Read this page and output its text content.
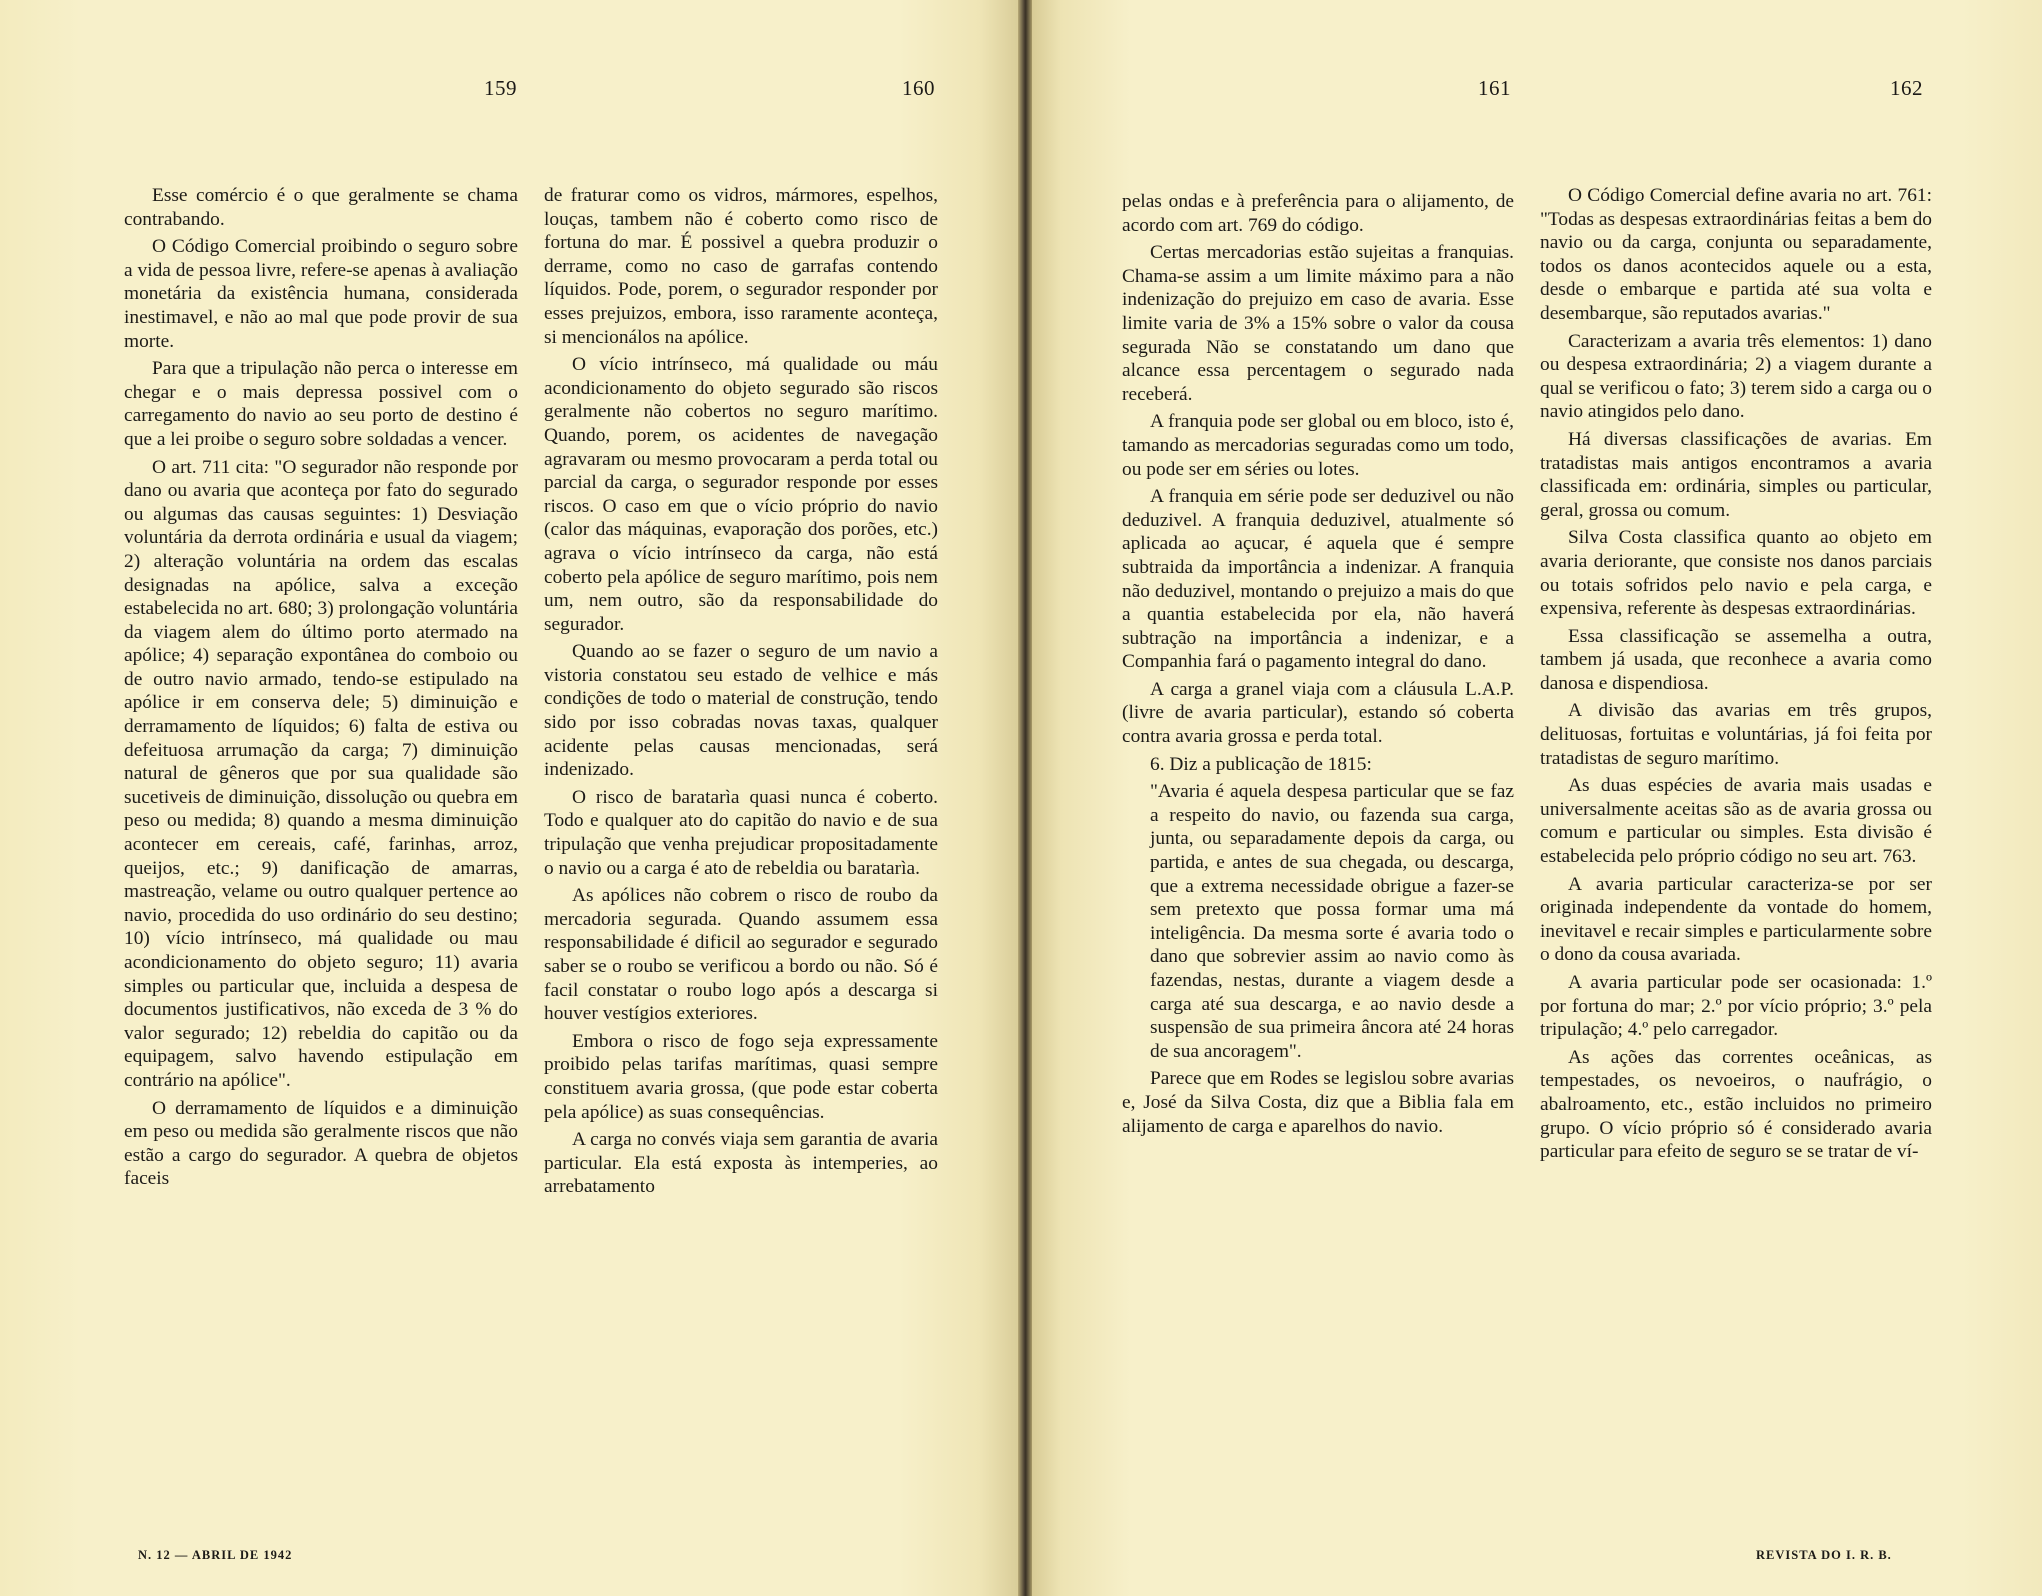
159	160	161	162

Esse comércio é o que geralmente se chama contrabando.

O Código Comercial proibindo o seguro sobre a vida de pessoa livre, refere-se apenas à avaliação monetária da existência humana, considerada inestimavel, e não ao mal que pode provir de sua morte.

Para que a tripulação não perca o interesse em chegar e o mais depressa possivel com o carregamento do navio ao seu porto de destino é que a lei proibe o seguro sobre soldadas a vencer.

O art. 711 cita: "O segurador não responde por dano ou avaria que aconteça por fato do segurado ou algumas das causas seguintes: 1) Desviação voluntária da derrota ordinária e usual da viagem; 2) alteração voluntária na ordem das escalas designadas na apólice, salva a exceção estabelecida no art. 680; 3) prolongação voluntária da viagem alem do último porto atermado na apólice; 4) separação expontânea do comboio ou de outro navio armado, tendo-se estipulado na apólice ir em conserva dele; 5) diminuição e derramamento de líquidos; 6) falta de estiva ou defeituosa arrumação da carga; 7) diminuição natural de gêneros que por sua qualidade são sucetiveis de diminuição, dissolução ou quebra em peso ou medida; 8) quando a mesma diminuição acontecer em cereais, café, farinhas, arroz, queijos, etc.; 9) danificação de amarras, mastreação, velame ou outro qualquer pertence ao navio, procedida do uso ordinário do seu destino; 10) vício intrínseco, má qualidade ou mau acondicionamento do objeto seguro; 11) avaria simples ou particular que, incluida a despesa de documentos justificativos, não exceda de 3 % do valor segurado; 12) rebeldia do capitão ou da equipagem, salvo havendo estipulação em contrário na apólice".

O derramamento de líquidos e a diminuição em peso ou medida são geralmente riscos que não estão a cargo do segurador. A quebra de objetos faceis

de fraturar como os vidros, mármores, espelhos, louças, tambem não é coberto como risco de fortuna do mar. É possivel a quebra produzir o derrame, como no caso de garrafas contendo líquidos. Pode, porem, o segurador responder por esses prejuizos, embora, isso raramente aconteça, si mencionálos na apólice.

O vício intrínseco, má qualidade ou máu acondicionamento do objeto segurado são riscos geralmente não cobertos no seguro marítimo. Quando, porem, os acidentes de navegação agravaram ou mesmo provocaram a perda total ou parcial da carga, o segurador responde por esses riscos. O caso em que o vício próprio do navio (calor das máquinas, evaporação dos porões, etc.) agrava o vício intrínseco da carga, não está coberto pela apólice de seguro marítimo, pois nem um, nem outro, são da responsabilidade do segurador.

Quando ao se fazer o seguro de um navio a vistoria constatou seu estado de velhice e más condições de todo o material de construção, tendo sido por isso cobradas novas taxas, qualquer acidente pelas causas mencionadas, será indenizado.

O risco de baratarìa quasi nunca é coberto. Todo e qualquer ato do capitão do navio e de sua tripulação que venha prejudicar propositadamente o navio ou a carga é ato de rebeldia ou baratarìa.

As apólices não cobrem o risco de roubo da mercadoria segurada. Quando assumem essa responsabilidade é dificil ao segurador e segurado saber se o roubo se verificou a bordo ou não. Só é facil constatar o roubo logo após a descarga si houver vestígios exteriores.

Embora o risco de fogo seja expressamente proibido pelas tarifas marítimas, quasi sempre constituem avaria grossa, (que pode estar coberta pela apólice) as suas consequências.

A carga no convés viaja sem garantia de avaria particular. Ela está exposta às intemperies, ao arrebatamento

pelas ondas e à preferência para o alijamento, de acordo com art. 769 do código.

Certas mercadorias estão sujeitas a franquias. Chama-se assim a um limite máximo para a não indenização do prejuizo em caso de avaria. Esse limite varia de 3% a 15% sobre o valor da cousa segurada Não se constatando um dano que alcance essa percentagem o segurado nada receberá.

A franquia pode ser global ou em bloco, isto é, tamando as mercadorias seguradas como um todo, ou pode ser em séries ou lotes.

A franquia em série pode ser deduzivel ou não deduzivel. A franquia deduzivel, atualmente só aplicada ao açucar, é aquela que é sempre subtraida da importância a indenizar. A franquia não deduzivel, montando o prejuizo a mais do que a quantia estabelecida por ela, não haverá subtração na importância a indenizar, e a Companhia fará o pagamento integral do dano.

A carga a granel viaja com a cláusula L.A.P. (livre de avaria particular), estando só coberta contra avaria grossa e perda total.

6. Diz a publicação de 1815:

"Avaria é aquela despesa particular que se faz a respeito do navio, ou fazenda sua carga, junta, ou separadamente depois da carga, ou partida, e antes de sua chegada, ou descarga, que a extrema necessidade obrigue a fazer-se sem pretexto que possa formar uma má inteligência. Da mesma sorte é avaria todo o dano que sobrevier assim ao navio como às fazendas, nestas, durante a viagem desde a carga até sua descarga, e ao navio desde a suspensão de sua primeira âncora até 24 horas de sua ancoragem".

Parece que em Rodes se legislou sobre avarias e, José da Silva Costa, diz que a Biblia fala em alijamento de carga e aparelhos do navio.

O Código Comercial define avaria no art. 761: "Todas as despesas extraordinárias feitas a bem do navio ou da carga, conjunta ou separadamente, todos os danos acontecidos aquele ou a esta, desde o embarque e partida até sua volta e desembarque, são reputados avarias."

Caracterizam a avaria três elementos: 1) dano ou despesa extraordinária; 2) a viagem durante a qual se verificou o fato; 3) terem sido a carga ou o navio atingidos pelo dano.

Há diversas classificações de avarias. Em tratadistas mais antigos encontramos a avaria classificada em: ordinária, simples ou particular, geral, grossa ou comum.

Silva Costa classifica quanto ao objeto em avaria deriorante, que consiste nos danos parciais ou totais sofridos pelo navio e pela carga, e expensiva, referente às despesas extraordinárias.

Essa classificação se assemelha a outra, tambem já usada, que reconhece a avaria como danosa e dispendiosa.

A divisão das avarias em três grupos, delituosas, fortuitas e voluntárias, já foi feita por tratadistas de seguro marítimo.

As duas espécies de avaria mais usadas e universalmente aceitas são as de avaria grossa ou comum e particular ou simples. Esta divisão é estabelecida pelo próprio código no seu art. 763.

A avaria particular caracteriza-se por ser originada independente da vontade do homem, inevitavel e recair simples e particularmente sobre o dono da cousa avariada.

A avaria particular pode ser ocasionada: 1.º por fortuna do mar; 2.º por vício próprio; 3.º pela tripulação; 4.º pelo carregador.

As ações das correntes oceânicas, as tempestades, os nevoeiros, o naufrágio, o abalroamento, etc., estão incluidos no primeiro grupo. O vício próprio só é considerado avaria particular para efeito de seguro se se tratar de ví-

N. 12 — ABRIL DE 1942	REVISTA DO I. R. B.
